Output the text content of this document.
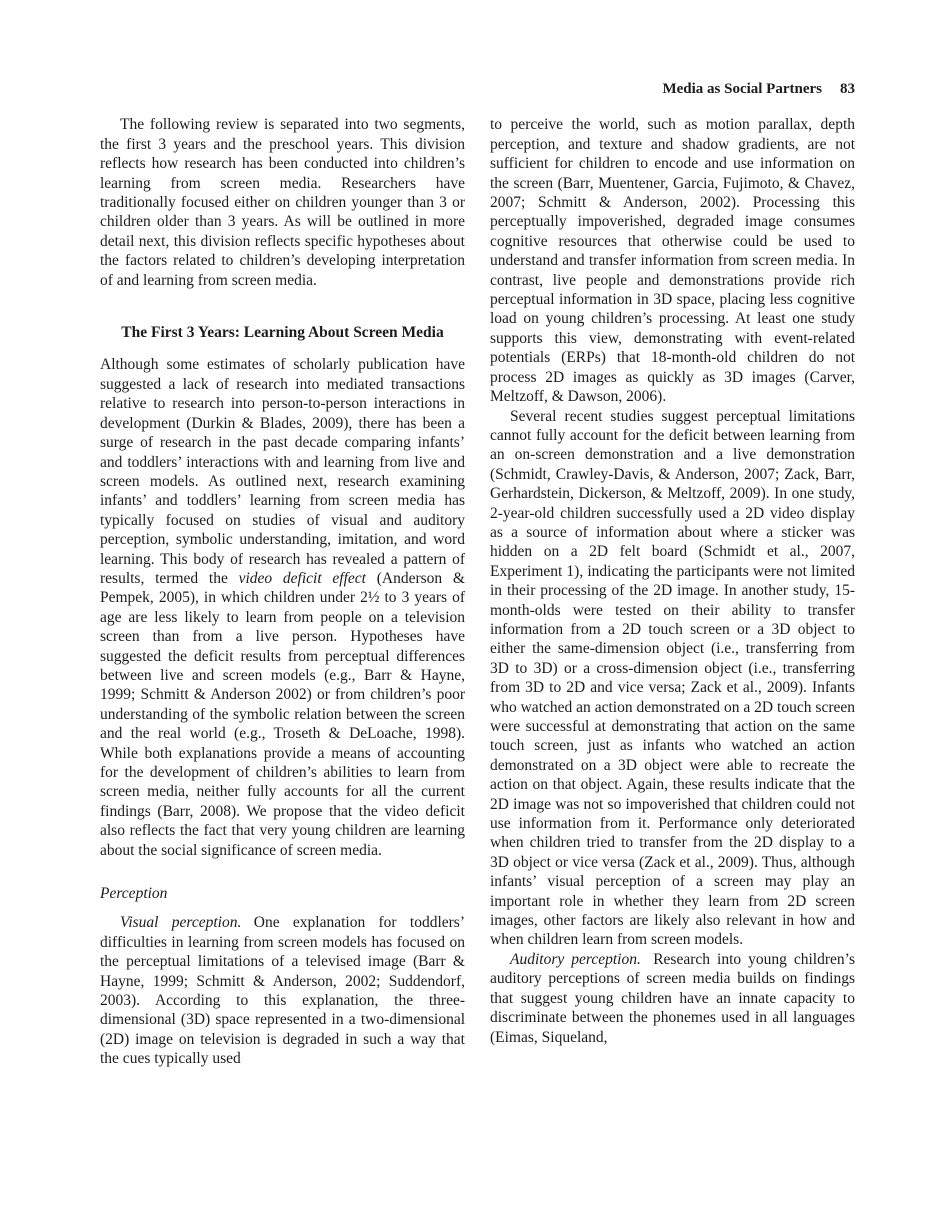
Media as Social Partners 83

The following review is separated into two segments, the first 3 years and the preschool years. This division reflects how research has been conducted into children’s learning from screen media. Researchers have traditionally focused either on children younger than 3 or children older than 3 years. As will be outlined in more detail next, this division reflects specific hypotheses about the factors related to children’s developing interpretation of and learning from screen media.

The First 3 Years: Learning About Screen Media

Although some estimates of scholarly publication have suggested a lack of research into mediated transactions relative to research into person-to-person interactions in development (Durkin & Blades, 2009), there has been a surge of research in the past decade comparing infants’ and toddlers’ interactions with and learning from live and screen models. As outlined next, research examining infants’ and toddlers’ learning from screen media has typically focused on studies of visual and auditory perception, symbolic understanding, imitation, and word learning. This body of research has revealed a pattern of results, termed the video deficit effect (Anderson & Pempek, 2005), in which children under 2½ to 3 years of age are less likely to learn from people on a television screen than from a live person. Hypotheses have suggested the deficit results from perceptual differences between live and screen models (e.g., Barr & Hayne, 1999; Schmitt & Anderson 2002) or from children’s poor understanding of the symbolic relation between the screen and the real world (e.g., Troseth & DeLoache, 1998). While both explanations provide a means of accounting for the development of children’s abilities to learn from screen media, neither fully accounts for all the current findings (Barr, 2008). We propose that the video deficit also reflects the fact that very young children are learning about the social significance of screen media.

Perception

Visual perception. One explanation for toddlers’ difficulties in learning from screen models has focused on the perceptual limitations of a televised image (Barr & Hayne, 1999; Schmitt & Anderson, 2002; Suddendorf, 2003). According to this explanation, the three-dimensional (3D) space represented in a two-dimensional (2D) image on television is degraded in such a way that the cues typically used

to perceive the world, such as motion parallax, depth perception, and texture and shadow gradients, are not sufficient for children to encode and use information on the screen (Barr, Muentener, Garcia, Fujimoto, & Chavez, 2007; Schmitt & Anderson, 2002). Processing this perceptually impoverished, degraded image consumes cognitive resources that otherwise could be used to understand and transfer information from screen media. In contrast, live people and demonstrations provide rich perceptual information in 3D space, placing less cognitive load on young children’s processing. At least one study supports this view, demonstrating with event-related potentials (ERPs) that 18-month-old children do not process 2D images as quickly as 3D images (Carver, Meltzoff, & Dawson, 2006).

Several recent studies suggest perceptual limitations cannot fully account for the deficit between learning from an on-screen demonstration and a live demonstration (Schmidt, Crawley-Davis, & Anderson, 2007; Zack, Barr, Gerhardstein, Dickerson, & Meltzoff, 2009). In one study, 2-year-old children successfully used a 2D video display as a source of information about where a sticker was hidden on a 2D felt board (Schmidt et al., 2007, Experiment 1), indicating the participants were not limited in their processing of the 2D image. In another study, 15-month-olds were tested on their ability to transfer information from a 2D touch screen or a 3D object to either the same-dimension object (i.e., transferring from 3D to 3D) or a cross-dimension object (i.e., transferring from 3D to 2D and vice versa; Zack et al., 2009). Infants who watched an action demonstrated on a 2D touch screen were successful at demonstrating that action on the same touch screen, just as infants who watched an action demonstrated on a 3D object were able to recreate the action on that object. Again, these results indicate that the 2D image was not so impoverished that children could not use information from it. Performance only deteriorated when children tried to transfer from the 2D display to a 3D object or vice versa (Zack et al., 2009). Thus, although infants’ visual perception of a screen may play an important role in whether they learn from 2D screen images, other factors are likely also relevant in how and when children learn from screen models.

Auditory perception. Research into young children’s auditory perceptions of screen media builds on findings that suggest young children have an innate capacity to discriminate between the phonemes used in all languages (Eimas, Siqueland,
